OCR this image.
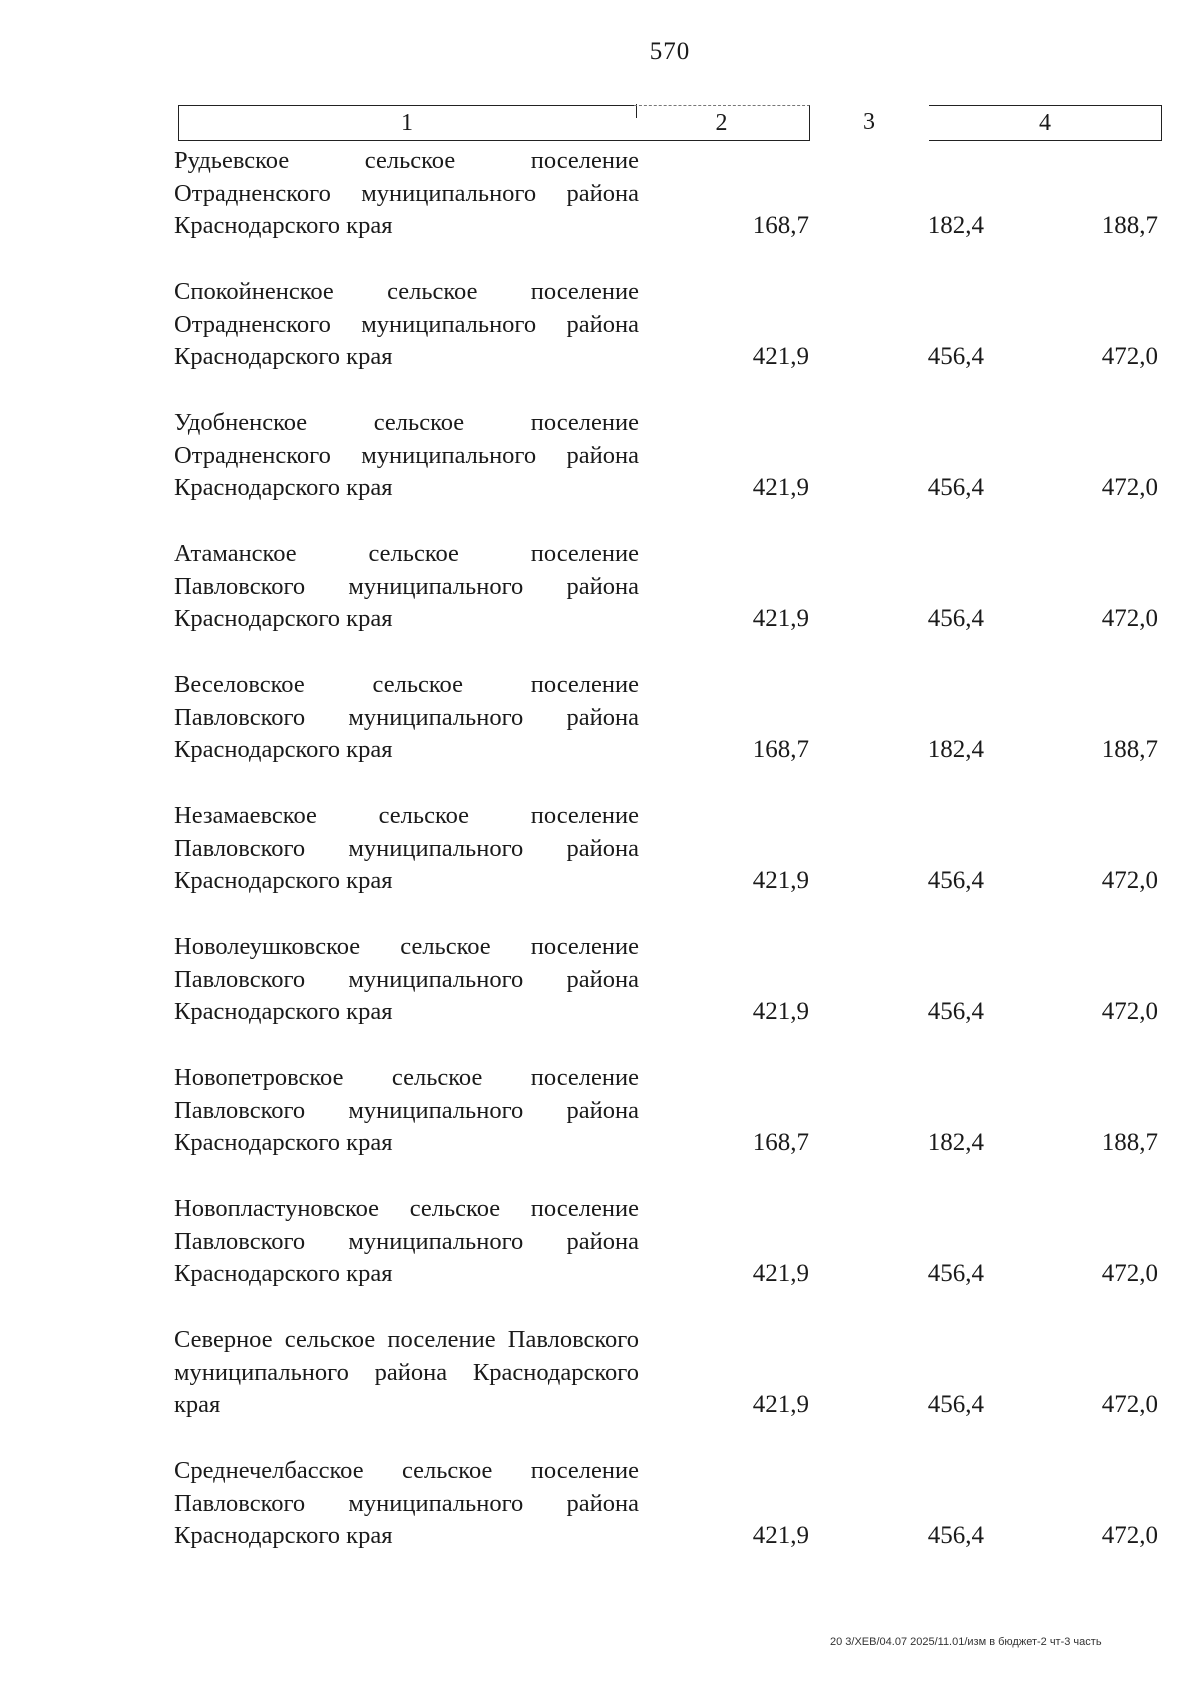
570
1	2	3	4
Рудьевское сельское поселение Отрадненского муниципального района Краснодарского края	168,7	182,4	188,7
Спокойненское сельское поселение Отрадненского муниципального района Краснодарского края	421,9	456,4	472,0
Удобненское сельское поселение Отрадненского муниципального района Краснодарского края	421,9	456,4	472,0
Атаманское сельское поселение Павловского муниципального района Краснодарского края	421,9	456,4	472,0
Веселовское сельское поселение Павловского муниципального района Краснодарского края	168,7	182,4	188,7
Незамаевское сельское поселение Павловского муниципального района Краснодарского края	421,9	456,4	472,0
Новолеушковское сельское поселение Павловского муниципального района Краснодарского края	421,9	456,4	472,0
Новопетровское сельское поселение Павловского муниципального района Краснодарского края	168,7	182,4	188,7
Новопластуновское сельское поселение Павловского муниципального района Краснодарского края	421,9	456,4	472,0
Северное сельское поселение Павловского муниципального района Краснодарского края	421,9	456,4	472,0
Среднечелбасское сельское поселение Павловского муниципального района Краснодарского края	421,9	456,4	472,0
20 3/XEB/04.07 2025/11.01/изм в бюджет-2 чт-3 часть
